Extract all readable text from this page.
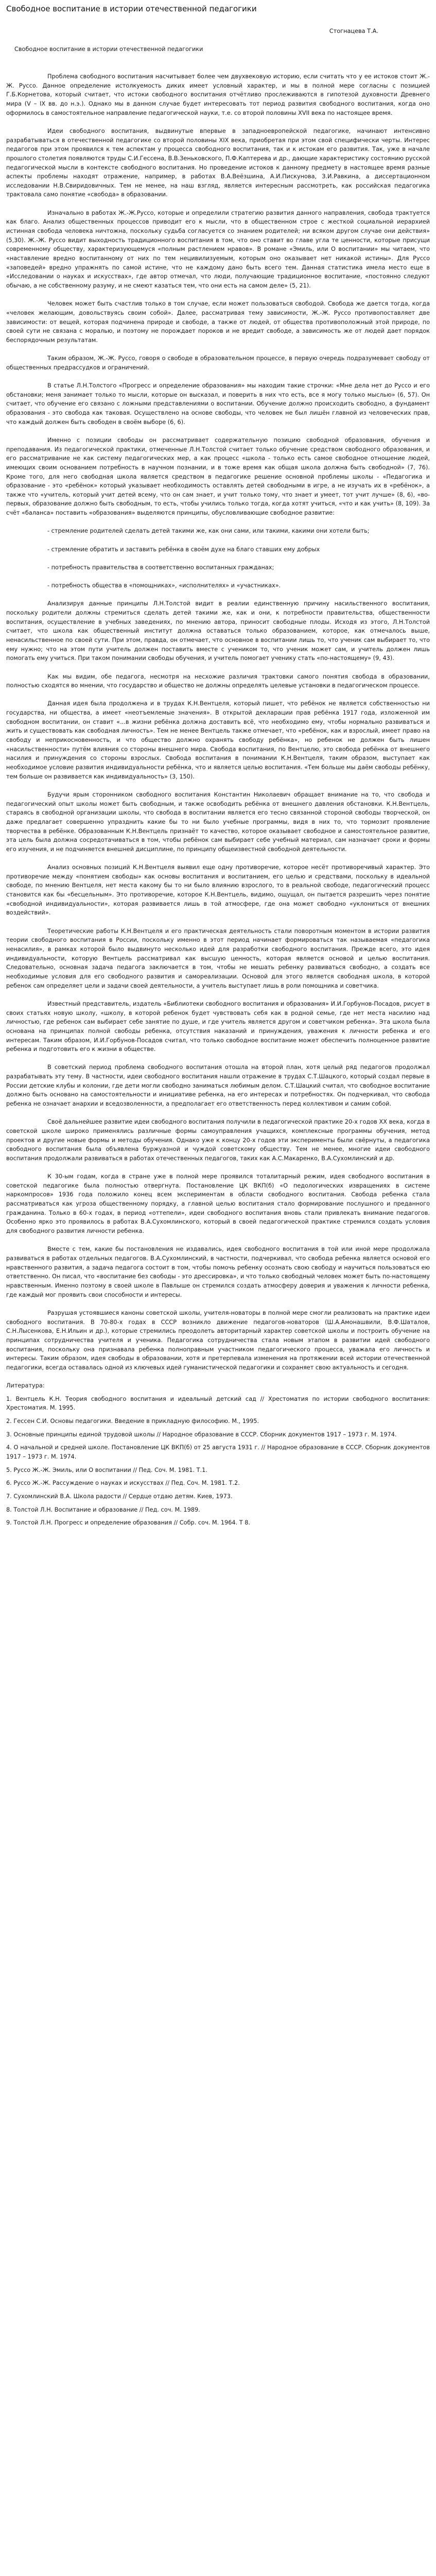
Свободное воспитание в истории отечественной педагогики
Стогнацева Т.А.
Свободное воспитание в истории отечественной педагогики

Проблема свободного воспитания насчитывает более чем двухвековую историю, если считать что у ее истоков стоит Ж.-Ж. Руссо. Данное определение истолкуемость диких имеет условный характер, и мы в полной мере согласны с позицией Г.Б.Корнетова, который считает, что истоки свободного воспитания отчётливо прослеживаются в гипотезой духовности Древнего мира (V – IX вв. до н.э.). Однако мы в данном случае будет интересовать тот период развития свободного воспитания, когда оно оформилось в самостоятельное направление педагогической науки, т.е. со второй половины XVII века по настоящее время.

Идеи свободного воспитания, выдвинутые впервые в западноевропейской педагогике, начинают интенсивно разрабатываться в отечественной педагогике со второй половины XIX века, приобретая при этом свой специфически черты. Интерес педагогов при этом проявился к тем аспектам у процесса свободного воспитания, так и к истокам его развития. Так, уже в начале прошлого столетия появляются труды С.И.Гессена, В.В.Зеньковского, П.Ф.Каптерева и др., дающие характеристику состоянию русской педагогической мысли в контексте свободного воспитания. Но проведение истоков к данному предмету в настоящее время разные аспекты проблемы находят отражение, например, в работах В.А.Веёзшина, А.И.Пискунова, З.И.Равкина, а диссертационном исследовании Н.В.Свиридовичных. Тем не менее, на наш взгляд, является интересным рассмотреть, как российская педагогика трактовала само понятие «свобода» в образовании.

Изначально в работах Ж.-Ж.Руссо, которые и определили стратегию развития данного направления, свобода трактуется как благо. Анализ общественных процессов приводит его к мысли, что в общественном строе с жесткой социальной иерархией истинная свобода человека ничтожна, поскольку судьба согласуется со знанием родителей; ни всяком другом случае они действия» (5,30). Ж.-Ж. Руссо видит выходность традиционного воспитания в том, что оно ставит во главе угла те ценности, которые присущи современному обществу, характеризующемуся «полным растлением нравов». В романе «Эмиль, или О воспитании» мы читаем, что «наставление вредно воспитанному от них по тем нецивилизуемым, которым оно оказывает нет никакой истины». Для Руссо «заповедей» вредно упражнять по самой истине, что не каждому дано быть всего тем. Данная статистика имела место еще в «Исследовании о науках и искусствах», где автор отмечал, что люди, получающие традиционное воспитание, «постоянно следуют обычаю, а не собственному разуму, и не смеют казаться тем, что они есть на самом деле» (5, 21).

Человек может быть счастлив только в том случае, если может пользоваться свободой. Свобода же дается тогда, когда «человек желающим, довольствуясь своим собой». Далее, рассматривая тему зависимости, Ж.-Ж. Руссо противопоставляет две зависимости: от вещей, которая подчинена природе и свободе, а также от людей, от общества противоположный этой природе, по своей сути не связана с моралью, и поэтому не порождает пороков и не вредит свободе, а зависимость же от людей дает порядок беспорядочным результатам.

Таким образом, Ж.-Ж. Руссо, говоря о свободе в образовательном процессе, в первую очередь подразумевает свободу от общественных предрассудков и ограничений.

В статье Л.Н.Толстого «Прогресс и определение образования» мы находим такие строчки: «Мне дела нет до Руссо и его обстановки; меня занимает только то мысли, которые он высказал, и поверить в них что есть, все я могу только мыслью» (6, 57). Он считает, что обучение его связано с ложными представлениями о воспитании. Обучение должно происходить свободно, а фундамент образования - это свобода как таковая. Осуществлено на основе свободы, что человек не был лишён главной из человеческих прав, что каждый должен быть свободен в своём выборе (6, 6).

Именно с позиции свободы он рассматривает содержательную позицию свободной образования, обучения и преподавания. Из педагогической практики, отмеченные Л.Н.Толстой считает только обучение средством свободного образования, и его рассматривание не как систему педагогических мер, а как процесс «школа - только есть самое свободное отношение людей, имеющих своим основанием потребность в научном познании, и в тоже время как общая школа должна быть свободной» (7, 76). Кроме того, для него свободная школа является средством в педагогике решение основной проблемы школы - «Педагогика и образование - это «ребёнок» который указывает необходимость оставлять детей свободными в игре, а не изучать их в «ребёнок», а также что «учитель, который учит детей всему, что он сам знает, и учит только тому, что знает и умеет, тот учит лучше» (8, 6), «во-первых, образование должно быть свободным, то есть, чтобы учились только тогда, когда хотят учиться, «что и как учить» (8, 109). За счёт «баланса» поставить «образования» выделяются принципы, обусловливающие свободное развитие:

- стремление родителей сделать детей такими же, как они сами, или такими, какими они хотели быть;

- стремление обратить и заставить ребёнка в своём духе на благо ставших ему добрых

- потребность правительства в соответственно воспитанных гражданах;

- потребность общества в «помощниках», «исполнителях» и «участниках».

Анализируя данные принципы Л.Н.Толстой видит в реалии единственную причину насильственного воспитания, поскольку родители должны стремиться сделать детей такими же, как и они, к потребности правительства, общественности воспитания, осуществление в учебных заведениях, по мнению автора, приносит свободные плоды. Исходя из этого, Л.Н.Толстой считает, что школа как общественный институт должна оставаться только образованием, которое, как отмечалось выше, ненасильственное по своей сути. При этом, правда, он отмечает, что основное в воспитании лишь то, что ученик сам выбирает то, что ему нужно; что на этом пути учитель должен поставить вместе с учеником то, что ученик может сам, и учитель должен лишь помогать ему учиться. При таком понимании свободы обучения, и учитель помогает ученику стать «по-настоящему» (9, 43).

Как мы видим, обе педагога, несмотря на несхожие различия трактовки самого понятия свобода в образовании, полностью сходятся во мнении, что государство и общество не должны определять целевые установки в педагогическом процессе.

Данная идея была продолжена и в трудах К.Н.Вентцеля, который пишет, что ребёнок не является собственностью ни государства, ни общества, а имеет «неотъемлемые значения». В открытой декларации прав ребёнка 1917 года, изложенной им свободном воспитании, он ставит «...в жизни ребёнка должна доставить всё, что необходимо ему, чтобы нормально развиваться и жить и существовать как свободная личность». Тем не менее Вентцель также отмечает, что «ребёнок, как и взрослый, имеет право на свободу и неприкосновенность, и что общество должно охранять свободу ребёнка», но ребенок не должен быть лишен «насильственности» путём влияния со стороны внешнего мира. Свобода воспитания, по Вентцелю, это свобода ребёнка от внешнего насилия и принуждения со стороны взрослых. Свобода воспитания в понимании К.Н.Вентцеля, таким образом, выступает как необходимое условие развития индивидуальности ребёнка, что и является целью воспитания. «Тем больше мы даём свободы ребёнку, тем больше он развивается как индивидуальность» (3, 150).

Будучи ярым сторонником свободного воспитания Константин Николаевич обращает внимание на то, что свобода и педагогический опыт школы может быть свободным, и также освободить ребёнка от внешнего давления обстановки. К.Н.Вентцель, стараясь в свободной организации школы, что свобода в воспитании является его тесно связанной стороной свободы творческой, он даже предлагает совершенно упразднить какие бы то ни было учебные программы, видя в них то, что тормозит проявление творчества в ребёнке. Образованным К.Н.Вентцель признаёт то качество, которое оказывает свободное и самостоятельное развитие, эта цель была должна сосредотачиваться в том, чтобы ребёнок сам выбирает себе учебный материал, сам назначает сроки и формы его изучения, и не подчиняется внешней дисциплине, по принципу общеизвестной свободной деятельности.

Анализ основных позиций К.Н.Вентцеля выявил еще одну противоречие, которое несёт противоречивый характер. Это противоречие между «понятием свободы» как основы воспитания и воспитанием, его целью и средствами, поскольку в идеальной свободе, по мнению Вентцеля, нет места какому бы то ни было влиянию взрослого, то в реальной свободе, педагогический процесс становится как бы «бесцельным». Это противоречие, которое К.Н.Вентцель, видимо, ощущал, он пытается разрешить через понятие «свободной индивидуальности», которая развивается лишь в той атмосфере, где она может свободно «уклониться от внешних воздействий».

Теоретические работы К.Н.Вентцеля и его практическая деятельность стали поворотным моментом в истории развития теории свободного воспитания в России, поскольку именно в этот период начинает формироваться так называемая «педагогика ненасилия», в рамках которой было выдвинуто несколько идей для разработки свободного воспитания. Прежде всего, это идея индивидуальности, которую Вентцель рассматривал как высшую ценность, которая является основой и целью воспитания. Следовательно, основная задача педагога заключается в том, чтобы не мешать ребенку развиваться свободно, а создать все необходимые условия для его свободного развития и самореализации. Основой для этого является свободная школа, в которой ребенок сам определяет цели и задачи своей деятельности, а учитель выступает лишь в роли помощника и советчика.

Известный представитель, издатель «Библиотеки свободного воспитания и образования» И.И.Горбунов-Посадов, рисует в своих статьях новую школу, «школу, в которой ребенок будет чувствовать себя как в родной семье, где нет места насилию над личностью, где ребенок сам выбирает себе занятие по душе, и где учитель является другом и советчиком ребенка». Эта школа была основана на принципах полной свободы ребенка, отсутствия наказаний и принуждения, уважения к личности ребенка и его интересам. Таким образом, И.И.Горбунов-Посадов считал, что только свободное воспитание может обеспечить полноценное развитие ребенка и подготовить его к жизни в обществе.

В советский период проблема свободного воспитания отошла на второй план, хотя целый ряд педагогов продолжал разрабатывать эту тему. В частности, идеи свободного воспитания нашли отражение в трудах С.Т.Шацкого, который создал первые в России детские клубы и колонии, где дети могли свободно заниматься любимым делом. С.Т.Шацкий считал, что свободное воспитание должно быть основано на самостоятельности и инициативе ребенка, на его интересах и потребностях. Он подчеркивал, что свобода ребенка не означает анархии и вседозволенности, а предполагает его ответственность перед коллективом и самим собой.

Своё дальнейшее развитие идеи свободного воспитания получили в педагогической практике 20-х годов XX века, когда в советской школе широко применялись различные формы самоуправления учащихся, комплексные программы обучения, метод проектов и другие новые формы и методы обучения. Однако уже к концу 20-х годов эти эксперименты были свёрнуты, а педагогика свободного воспитания была объявлена буржуазной и чуждой советскому обществу. Тем не менее, многие идеи свободного воспитания продолжали развиваться в работах отечественных педагогов, таких как А.С.Макаренко, В.А.Сухомлинский и др.

К 30-ым годам, когда в стране уже в полной мере проявился тоталитарный режим, идея свободного воспитания в советской педагогике была полностью отвергнута. Постановление ЦК ВКП(б) «О педологических извращениях в системе наркомпросов» 1936 года положило конец всем экспериментам в области свободного воспитания. Свобода ребенка стала рассматриваться как угроза общественному порядку, а главной целью воспитания стало формирование послушного и преданного гражданина. Только в 60-х годах, в период «оттепели», идеи свободного воспитания вновь стали привлекать внимание педагогов. Особенно ярко это проявилось в работах В.А.Сухомлинского, который в своей педагогической практике стремился создать условия для свободного развития личности ребенка.

Вместе с тем, какие бы постановления не издавались, идея свободного воспитания в той или иной мере продолжала развиваться в работах отдельных педагогов. В.А.Сухомлинский, в частности, подчеркивал, что свобода ребенка является основой его нравственного развития, а задача педагога состоит в том, чтобы помочь ребенку осознать свою свободу и научиться пользоваться ею ответственно. Он писал, что «воспитание без свободы - это дрессировка», и что только свободный человек может быть по-настоящему нравственным. Именно поэтому в своей школе в Павлыше он стремился создать атмосферу доверия и уважения к личности ребенка, где каждый мог проявить свои способности и интересы.

Разрушая устоявшиеся каноны советской школы, учителя-новаторы в полной мере смогли реализовать на практике идеи свободного воспитания. В 70-80-х годах в СССР возникло движение педагогов-новаторов (Ш.А.Амонашвили, В.Ф.Шаталов, С.Н.Лысенкова, Е.Н.Ильин и др.), которые стремились преодолеть авторитарный характер советской школы и построить обучение на принципах сотрудничества учителя и ученика. Педагогика сотрудничества стала новым этапом в развитии идей свободного воспитания, поскольку она признавала ребенка полноправным участником педагогического процесса, уважала его личность и интересы. Таким образом, идея свободы в образовании, хотя и претерпевала изменения на протяжении всей истории отечественной педагогики, всегда оставалась одной из ключевых идей гуманистической педагогики и сохраняет свою актуальность и сегодня.

Литература:
1. Вентцель К.Н. Теория свободного воспитания и идеальный детский сад // Хрестоматия по истории свободного воспитания: Хрестоматия. М. 1995.
2. Гессен С.И. Основы педагогики. Введение в прикладную философию. М., 1995.
3. Основные принципы единой трудовой школы // Народное образование в СССР. Сборник документов 1917 – 1973 г. М. 1974.
4. О начальной и средней школе. Постановление ЦК ВКП(б) от 25 августа 1931 г. // Народное образование в СССР. Сборник документов 1917 – 1973 г. М. 1974.
5. Руссо Ж.-Ж. Эмиль, или О воспитании // Пед. Соч. М. 1981. Т.1.
6. Руссо Ж.-Ж. Рассуждение о науках и искусствах // Пед. Соч. М. 1981. Т.2.
7. Сухомлинский В.А. Школа радости // Сердце отдаю детям. Киев, 1973.
8. Толстой Л.Н. Воспитание и образование // Пед. соч. М. 1989.
9. Толстой Л.Н. Прогресс и определение образования // Собр. соч. М. 1964. Т 8.
